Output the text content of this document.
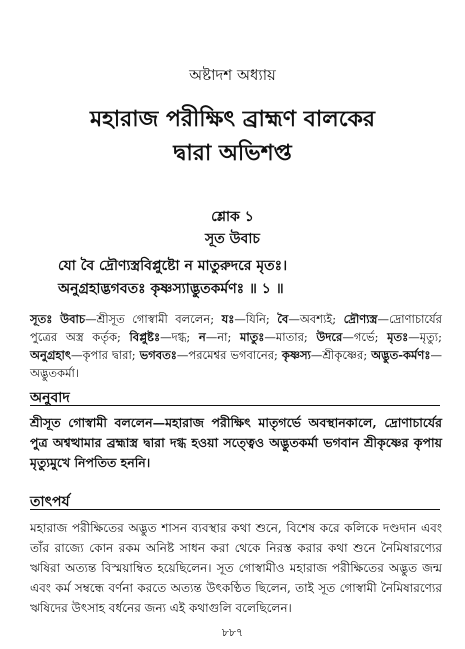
অষ্টাদশ অধ্যায়
মহারাজ পরীক্ষিৎ ব্রাহ্মণ বালকের
দ্বারা অভিশপ্ত
শ্লোক ১
সূত উবাচ
যো বৈ দ্রৌণ্যস্ত্রবিপ্লুষ্টো ন মাতুরুদরে মৃতঃ।
অনুগ্রহাদ্ভগবতঃ কৃষ্ণস্যাদ্ভুতকর্মণঃ ॥ ১ ॥
সূতঃ উবাচ—শ্রীসূত গোস্বামী বললেন; যঃ—যিনি; বৈ—অবশ্যই; দ্রৌণ্যস্ত্র—দ্রোণাচার্যের পুত্রের অস্ত্র কর্তৃক; বিপ্লুষ্টঃ—দগ্ধ; ন—না; মাতুঃ—মাতার; উদরে—গর্ভে; মৃতঃ—মৃত্যু; অনুগ্রহাৎ—কৃপার দ্বারা; ভগবতঃ—পরমেশ্বর ভগবানের; কৃষ্ণস্য—শ্রীকৃষ্ণের; অদ্ভুত-কর্মণঃ—অদ্ভুতকর্মা।
অনুবাদ
শ্রীসূত গোস্বামী বললেন—মহারাজ পরীক্ষিৎ মাতৃগর্ভে অবস্থানকালে, দ্রোণাচার্যের পুত্র অশ্বত্থামার ব্রহ্মাস্ত্র দ্বারা দগ্ধ হওয়া সত্ত্বেও অদ্ভুতকর্মা ভগবান শ্রীকৃষ্ণের কৃপায় মৃত্যুমুখে নিপতিত হননি।
তাৎপর্য
মহারাজ পরীক্ষিতের অদ্ভুত শাসন ব্যবস্থার কথা শুনে, বিশেষ করে কলিকে দণ্ডদান এবং তাঁর রাজ্যে কোন রকম অনিষ্ট সাধন করা থেকে নিরস্ত করার কথা শুনে নৈমিষারণ্যের ঋষিরা অত্যন্ত বিস্ময়াম্বিত হয়েছিলেন। সূত গোস্বামীও মহারাজ পরীক্ষিতের অদ্ভুত জন্ম এবং কর্ম সম্বন্ধে বর্ণনা করতে অত্যন্ত উৎকণ্ঠিত ছিলেন, তাই সূত গোস্বামী নৈমিষারণ্যের ঋষিদের উৎসাহ বর্ধনের জন্য এই কথাগুলি বলেছিলেন।
৮৮৭
